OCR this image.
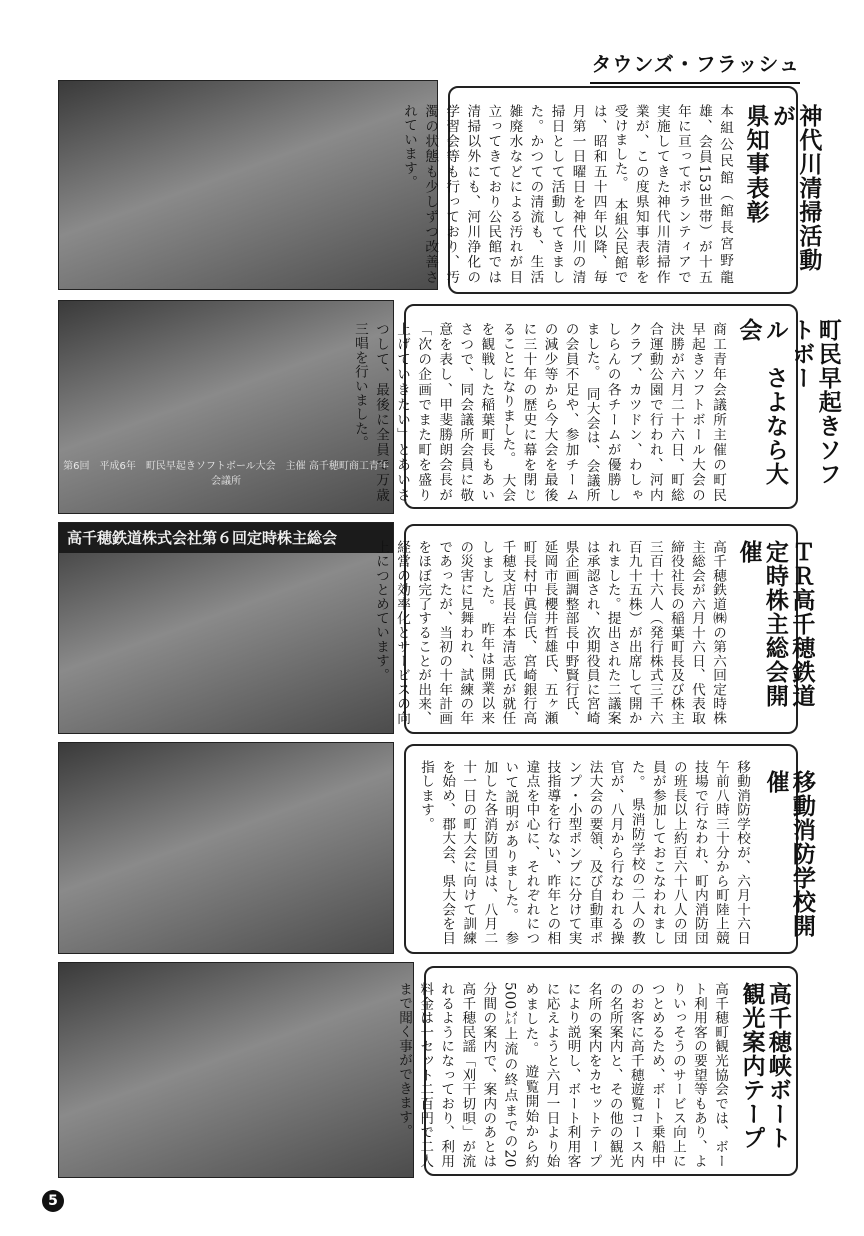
タウンズ・フラッシュ
神代川清掃活動が
県知事表彰
本組公民館（館長宮野龍雄、会員153世帯）が十五年に亘ってボランティアで実施してきた神代川清掃作業が、この度県知事表彰を受けました。　本組公民館では、昭和五十四年以降、毎月第一日曜日を神代川の清掃日として活動してきました。かつての清流も、生活雑廃水などによる汚れが目立ってきており公民館では清掃以外にも、河川浄化の学習会等も行っており、汚濁の状態も少しずつ改善されています。
第6回　平成6年　町民早起きソフトボール大会　主催 高千穂町商工青年会議所	町民早起きソフトボー
ル　さよなら大会
商工青年会議所主催の町民早起きソフトボール大会の決勝が六月二十六日、町総合運動公園で行われ、河内クラブ、カツドン、わしゃしらんの各チームが優勝しました。　同大会は、会議所の会員不足や、参加チームの減少等から今大会を最後に三十年の歴史に幕を閉じることになりました。　大会を観戦した稲葉町長もあいさつで、同会議所会員に敬意を表し、甲斐勝朗会長が「次の企画でまた町を盛り上げていきたい」とあいさつして、最後に全員で万歳三唱を行いました。
高千穂鉄道株式会社第６回定時株主総会
ＴＲ高千穂鉄道
定時株主総会開催
高千穂鉄道㈱の第六回定時株主総会が六月十六日、代表取締役社長の稲葉町長及び株主三百十六人（発行株式三千六百九十五株）が出席して開かれました。提出された二議案は承認され、次期役員に宮崎県企画調整部長中野賢行氏、延岡市長櫻井哲雄氏、五ヶ瀬町長村中眞信氏、宮崎銀行高千穂支店長岩本清志氏が就任しました。　昨年は開業以来の災害に見舞われ、試練の年であったが、当初の十年計画をほぼ完了することが出来、経営の効率化とサービスの向上につとめています。
移動消防学校開催
移動消防学校が、六月十六日午前八時三十分から町陸上競技場で行なわれ、町内消防団の班長以上約百六十八人の団員が参加しておこなわれました。　県消防学校の二人の教官が、八月から行なわれる操法大会の要領、及び自動車ポンプ・小型ポンプに分けて実技指導を行ない、昨年との相違点を中心に、それぞれについて説明がありました。　参加した各消防団員は、八月二十一日の町大会に向けて訓練を始め、郡大会、県大会を目指します。
高千穂峡ボート
観光案内テープ
高千穂町観光協会では、ボート利用客の要望等もあり、よりいっそうのサービス向上につとめるため、ボート乗船中のお客に高千穂遊覧コース内の名所案内と、その他の観光名所の案内をカセットテープにより説明し、ボート利用客に応えようと六月一日より始めました。　遊覧開始から約500㍍上流の終点までの20分間の案内で、案内のあとは高千穂民謡「刈干切唄」が流れるようになっており、利用料金は一セット二百円で二人まで聞く事ができます。
5
